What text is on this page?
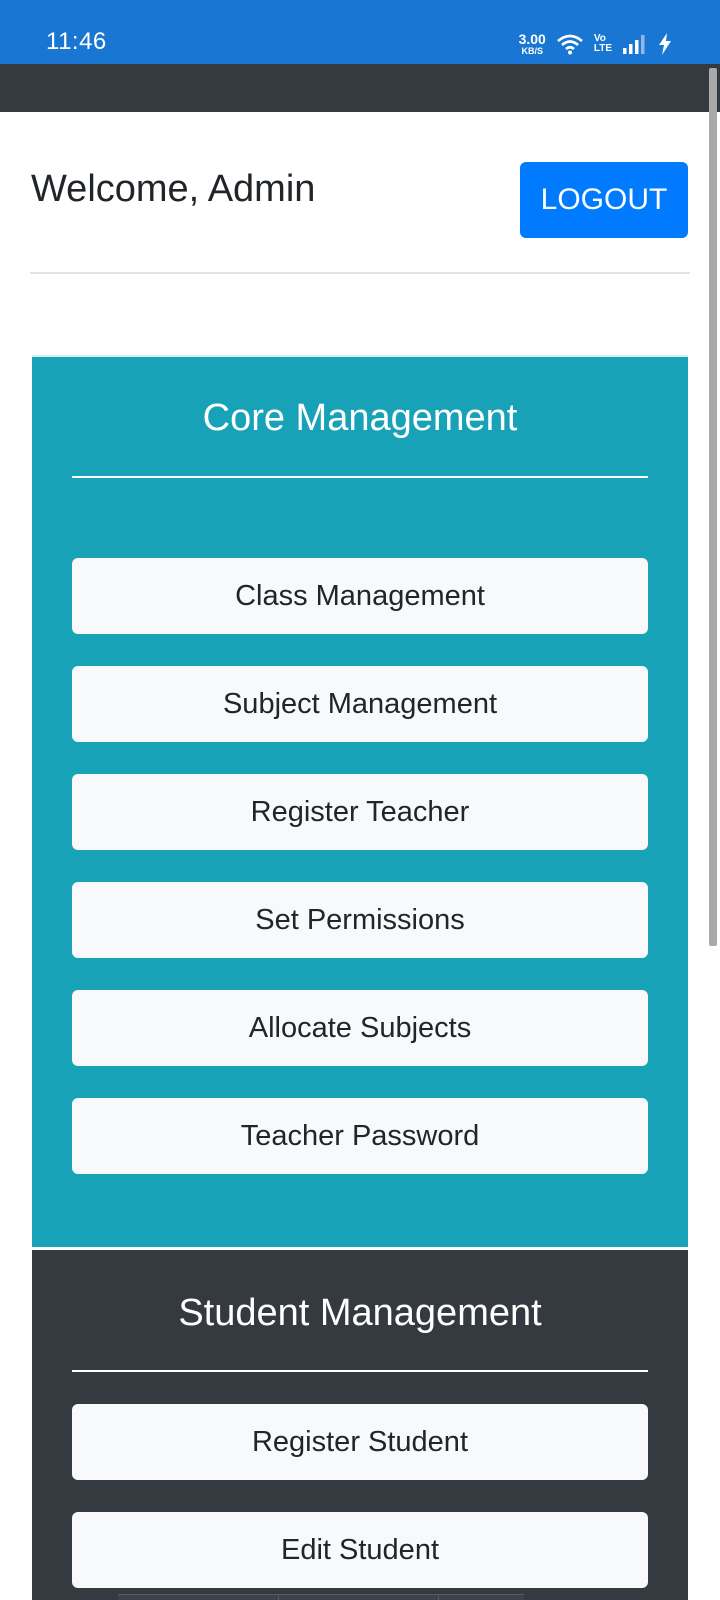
11:46	3.00
KB/S
Vo
LTE
Welcome, Admin	LOGOUT
Core Management
Class Management
Subject Management
Register Teacher
Set Permissions
Allocate Subjects
Teacher Password
Student Management
Register Student
Edit Student
